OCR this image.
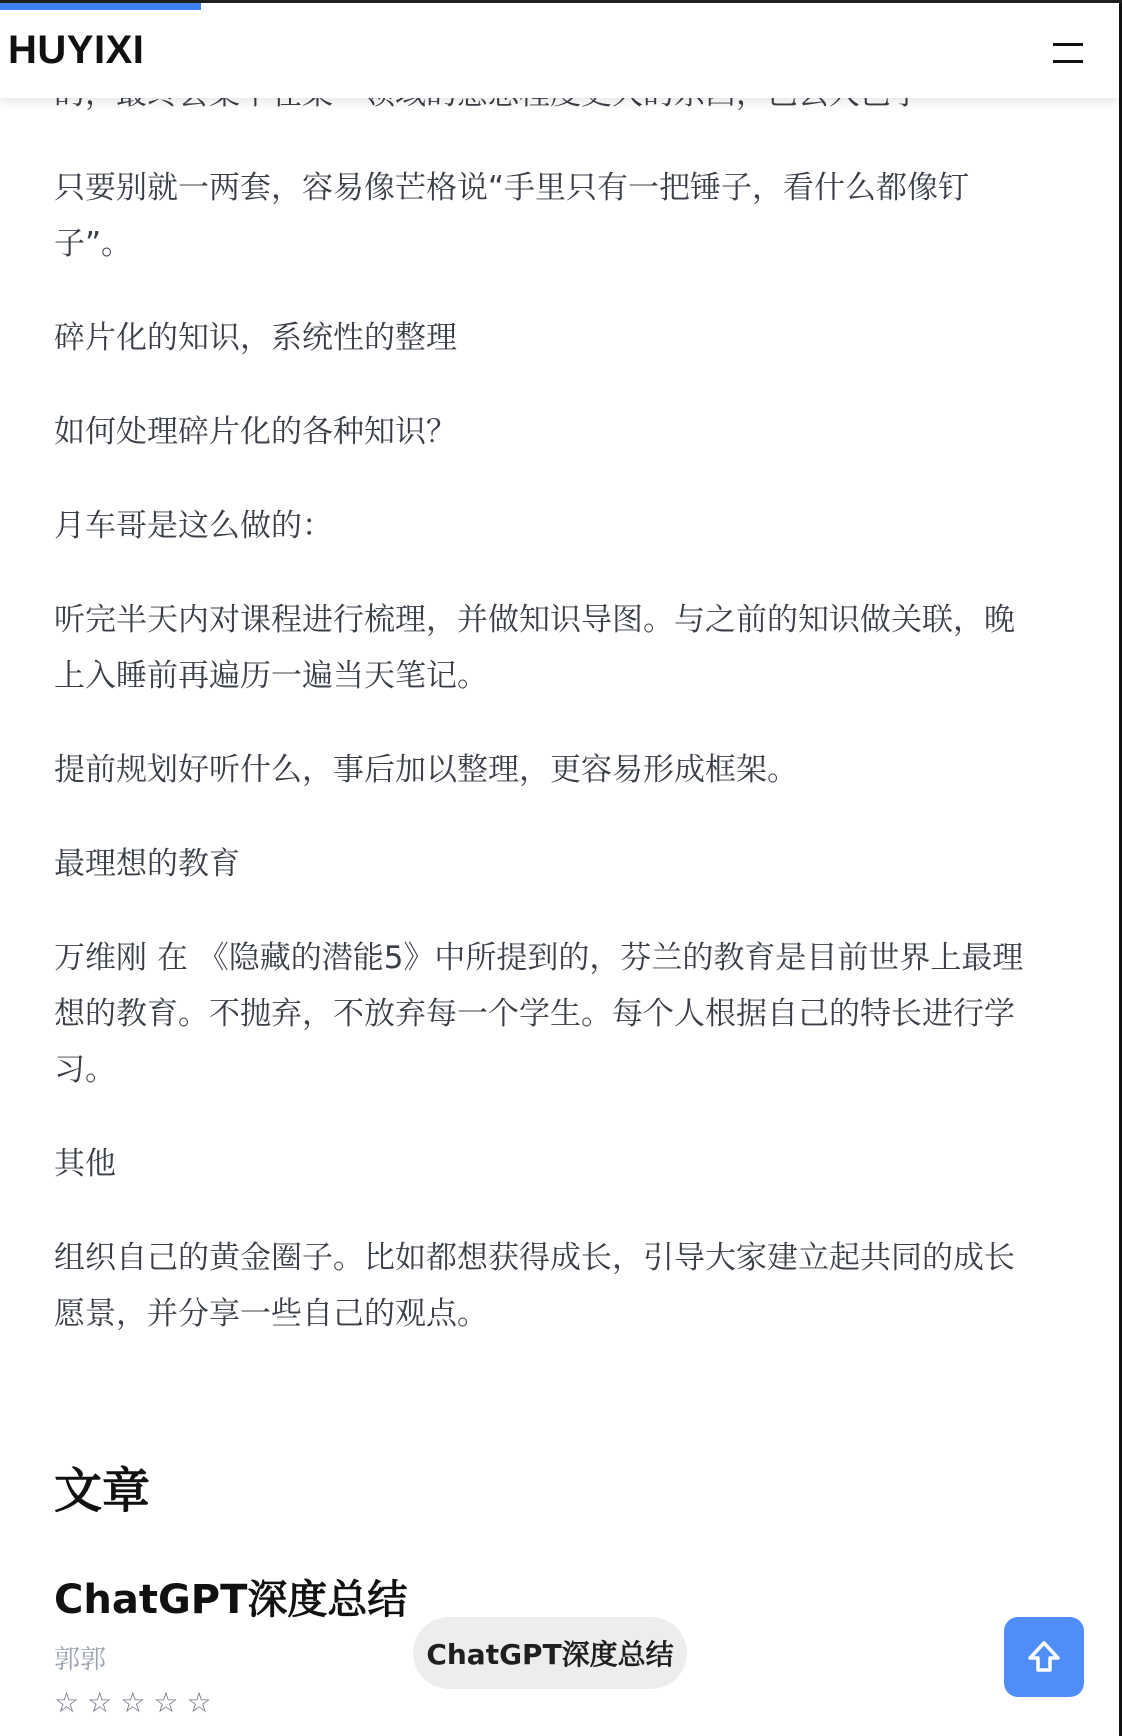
HUYIXI

只要别就一两套，容易像芒格说“手里只有一把锤子，看什么都像钉子”。

碎片化的知识，系统性的整理

如何处理碎片化的各种知识？

月车哥是这么做的：

听完半天内对课程进行梳理，并做知识导图。与之前的知识做关联，晚上入睡前再遍历一遍当天笔记。

提前规划好听什么，事后加以整理，更容易形成框架。

最理想的教育

万维刚 在 《隐藏的潜能5》中所提到的，芬兰的教育是目前世界上最理想的教育。不抛弃，不放弃每一个学生。每个人根据自己的特长进行学习。

其他

组织自己的黄金圈子。比如都想获得成长，引导大家建立起共同的成长愿景，并分享一些自己的观点。

文章
ChatGPT深度总结
郭郭
☆☆☆☆☆
ChatGPT深度总结
